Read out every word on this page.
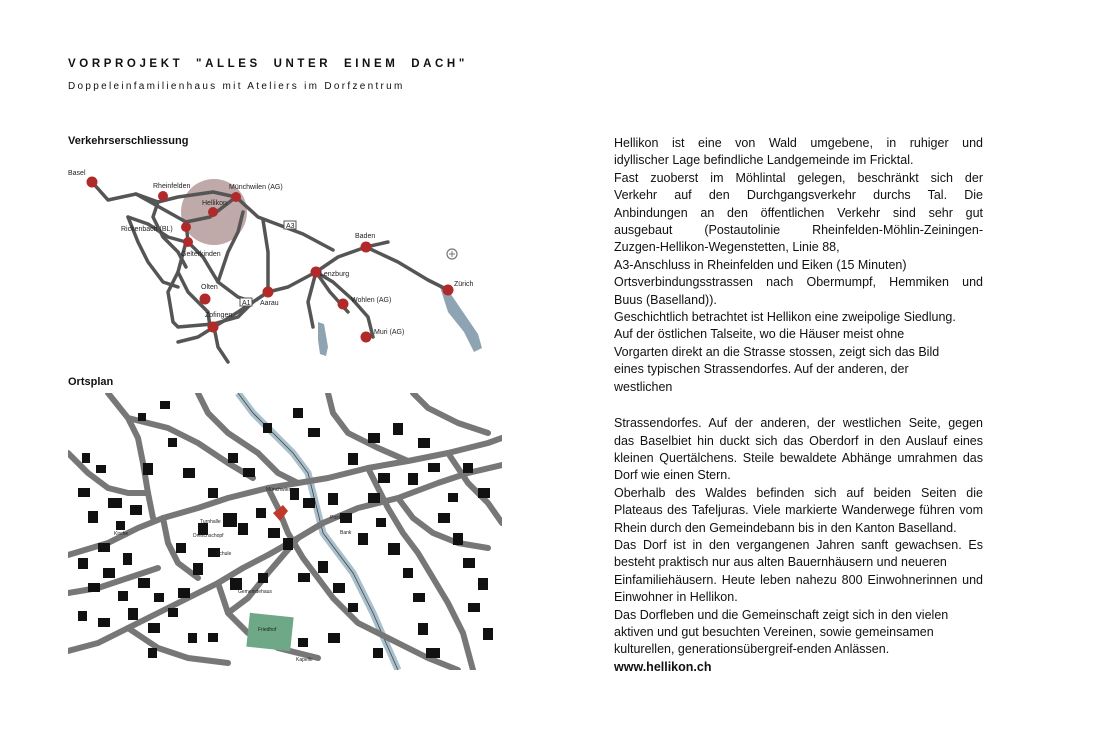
VORPROJEKT "ALLES UNTER EINEM DACH"
Doppeleinfamilienhaus mit Ateliers im Dorfzentrum
Verkehrserschliessung
A3
A1
Basel
Rheinfelden	Münchwilen (AG)
Hellikon
Rickenbach (BL)
Gelterkinden
Olten
Zofingen
Aarau
Lenzburg
Baden
Wohlen (AG)
Muri (AG)
Zürich
Ortsplan
Münchwies
Turnhalle
Dreschschopf
Schule
Gemeindehaus
Friedhof
Kapelle
Post
Bank
Kirche

Hellikon ist eine von Wald umgebene, in ruhiger und

idyllischer Lage befindliche Landgemeinde im Fricktal.

Fast zuoberst im Möhlintal gelegen, beschränkt sich der

Verkehr auf den Durchgangsverkehr durchs Tal. Die

Anbindungen an den öffentlichen Verkehr sind sehr gut

ausgebaut (Postautolinie Rheinfelden-Möhlin-Zeiningen-

Zuzgen-Hellikon-Wegenstetten, Linie 88,

A3-Anschluss in Rheinfelden und Eiken (15 Minuten)

Ortsverbindungsstrassen nach Obermumpf, Hemmiken und

Buus (Baselland)).

Geschichtlich betrachtet ist Hellikon eine zweipolige Siedlung.

Auf der östlichen Talseite, wo die Häuser meist ohne

Vorgarten direkt an die Strasse stossen, zeigt sich das Bild

eines typischen Strassendorfes. Auf der anderen, der

westlichen

Strassendorfes. Auf der anderen, der westlichen Seite, gegen

das Baselbiet hin duckt sich das Oberdorf in den Auslauf eines

kleinen Quertälchens. Steile bewaldete Abhänge umrahmen das

Dorf wie einen Stern.

Oberhalb des Waldes befinden sich auf beiden Seiten die

Plateaus des Tafeljuras. Viele markierte Wanderwege führen vom

Rhein durch den Gemeindebann bis in den Kanton Baselland.

Das Dorf ist in den vergangenen Jahren sanft gewachsen. Es

besteht praktisch nur aus alten Bauernhäusern und neueren

Einfamiliehäusern. Heute leben nahezu 800 Einwohnerinnen und

Einwohner in Hellikon.

Das Dorfleben und die Gemeinschaft zeigt sich in den vielen

aktiven und gut besuchten Vereinen, sowie gemeinsamen

kulturellen, generationsübergreif-enden Anlässen.

www.hellikon.ch
